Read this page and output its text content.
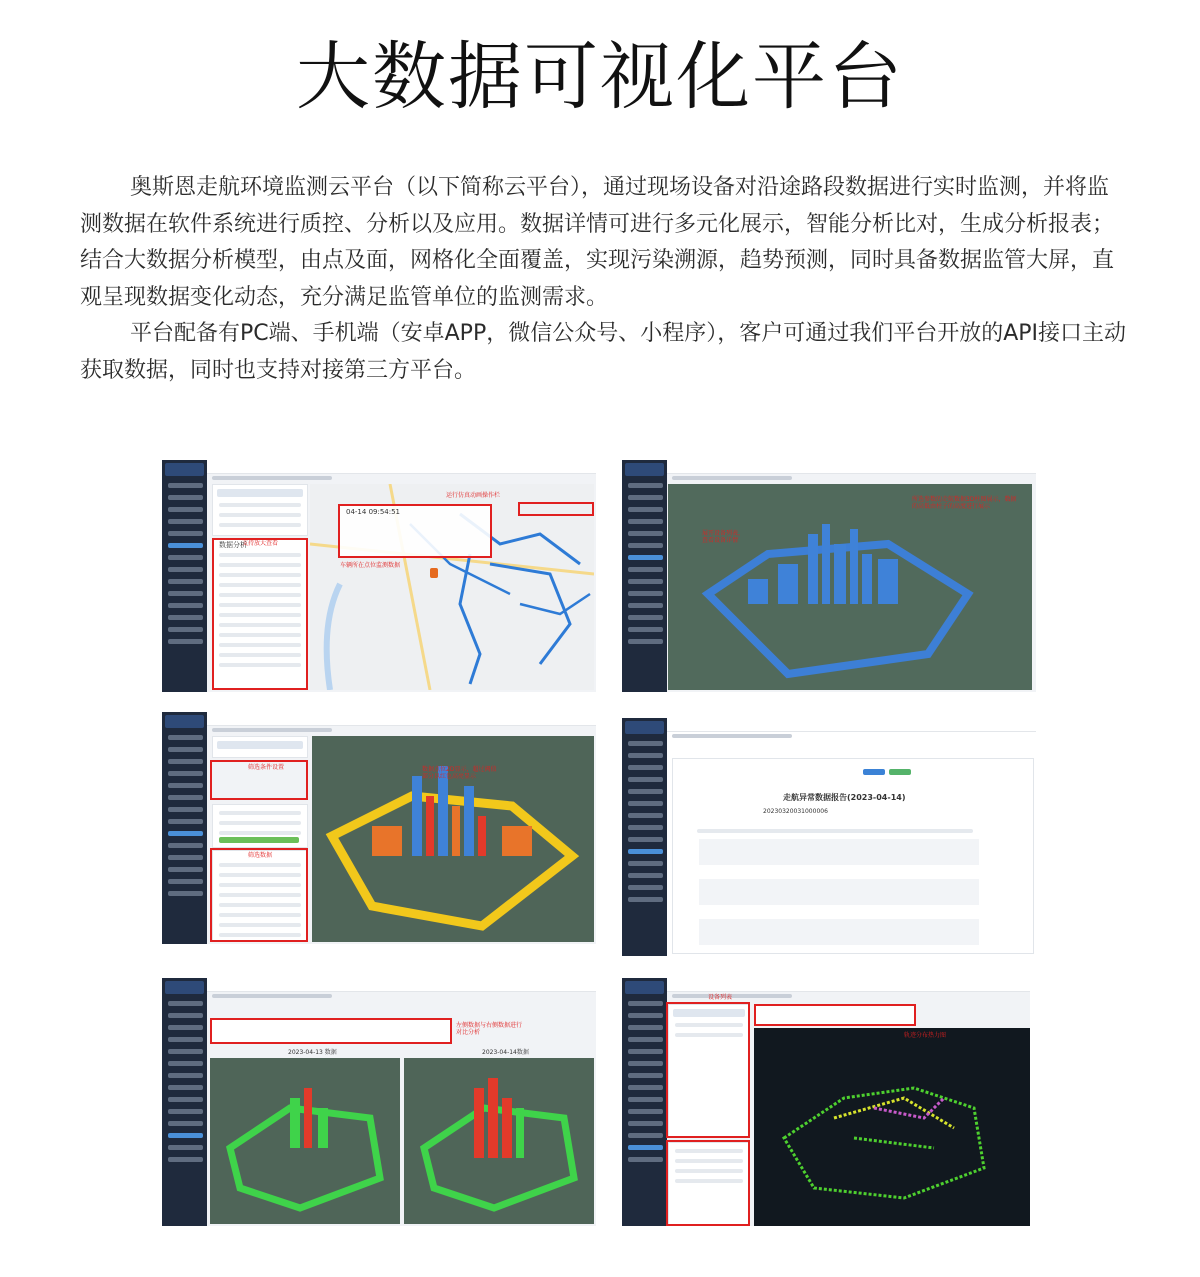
大数据可视化平台

奥斯恩走航环境监测云平台（以下简称云平台），通过现场设备对沿途路段数据进行实时监测，并将监测数据在软件系统进行质控、分析以及应用。数据详情可进行多元化展示，智能分析比对，生成分析报表；结合大数据分析模型，由点及面，网格化全面覆盖，实现污染溯源，趋势预测，同时具备数据监管大屏，直观呈现数据变化动态，充分满足监管单位的监测需求。

平台配备有PC端、手机端（安卓APP，微信公众号、小程序），客户可通过我们平台开放的API接口主动获取数据，同时也支持对接第三方平台。

数据分析
支持放大查看
04-14 09:54:51
运行仿真动画操作栏
车辆所在点位监测数据
所选参数的走航数据3D柱图展示，数据的高低由柱子的高度进行展示
展开设备列表，查看设备详情
筛选条件设置
筛选数据
数据点位2D显示，超过阈值部分以红色高亮显示
走航异常数据报告(2023-04-14)
20230320031000006
左侧数据与右侧数据进行对比分析
2023-04-13 数据	2023-04-14数据
设备列表
轨迹分布热力图
